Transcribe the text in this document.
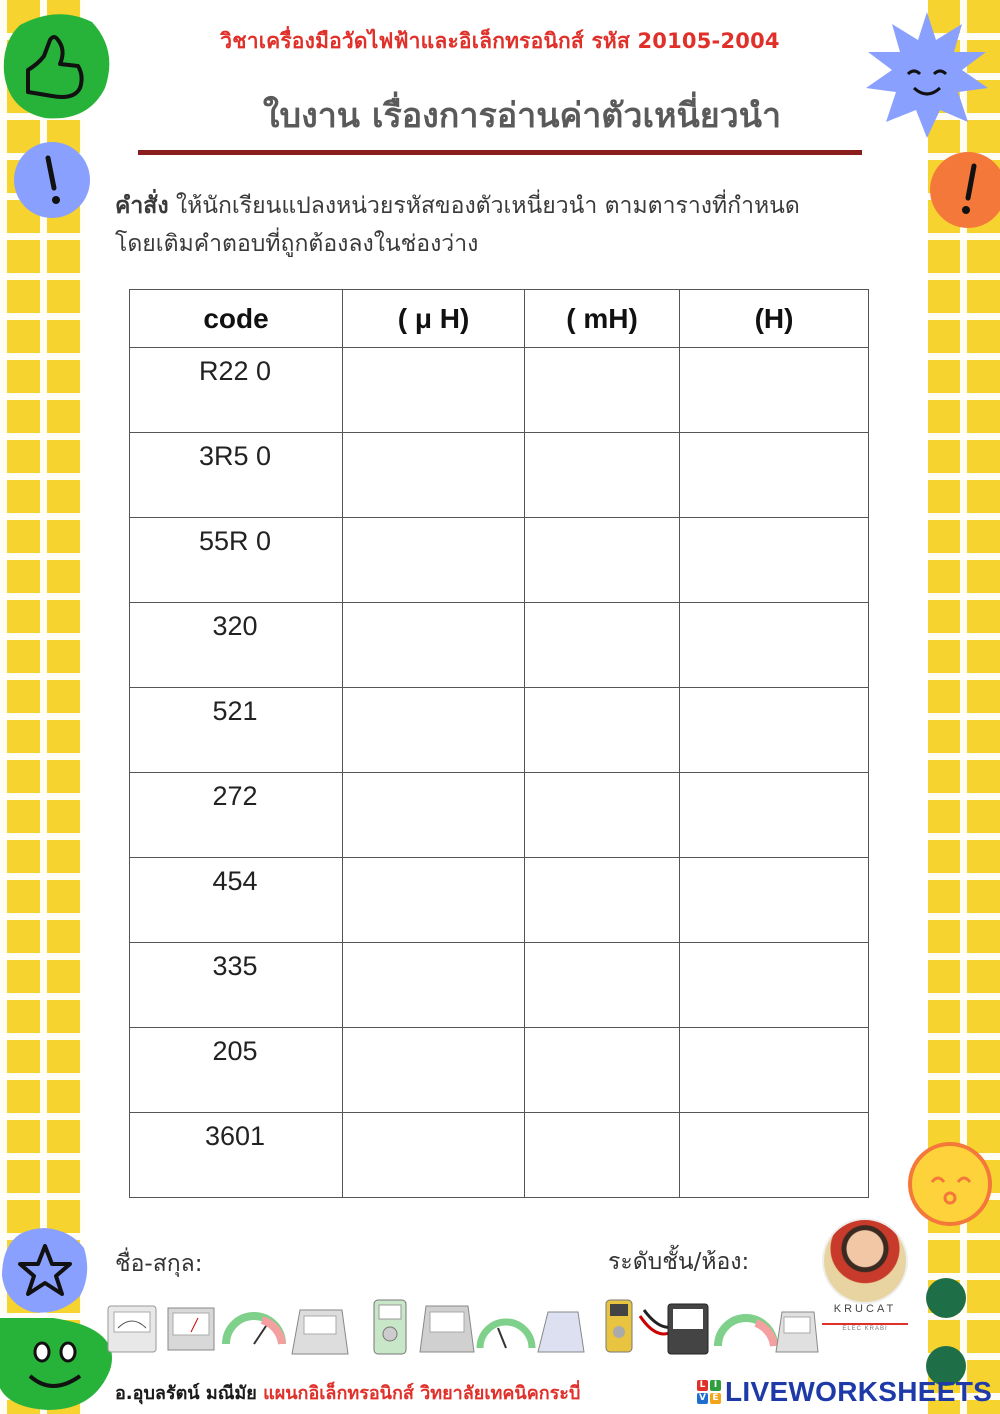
วิชาเครื่องมือวัดไฟฟ้าและอิเล็กทรอนิกส์ รหัส 20105-2004
ใบงาน เรื่องการอ่านค่าตัวเหนี่ยวนำ
คำสั่ง ให้นักเรียนแปลงหน่วยรหัสของตัวเหนี่ยวนำ ตามตารางที่กำหนด
โดยเติมคำตอบที่ถูกต้องลงในช่องว่าง
code	( μ H)	( mH)	(H)
R22 0			
3R5 0			
55R 0			
320			
521			
272			
454			
335			
205			
3601			
ชื่อ-สกุล:	ระดับชั้น/ห้อง:
KRUCAT
ELEC KRABI
อ.อุบลรัตน์ มณีมัย แผนกอิเล็กทรอนิกส์ วิทยาลัยเทคนิคกระบี่	L I
V E LIVEWORKSHEETS
